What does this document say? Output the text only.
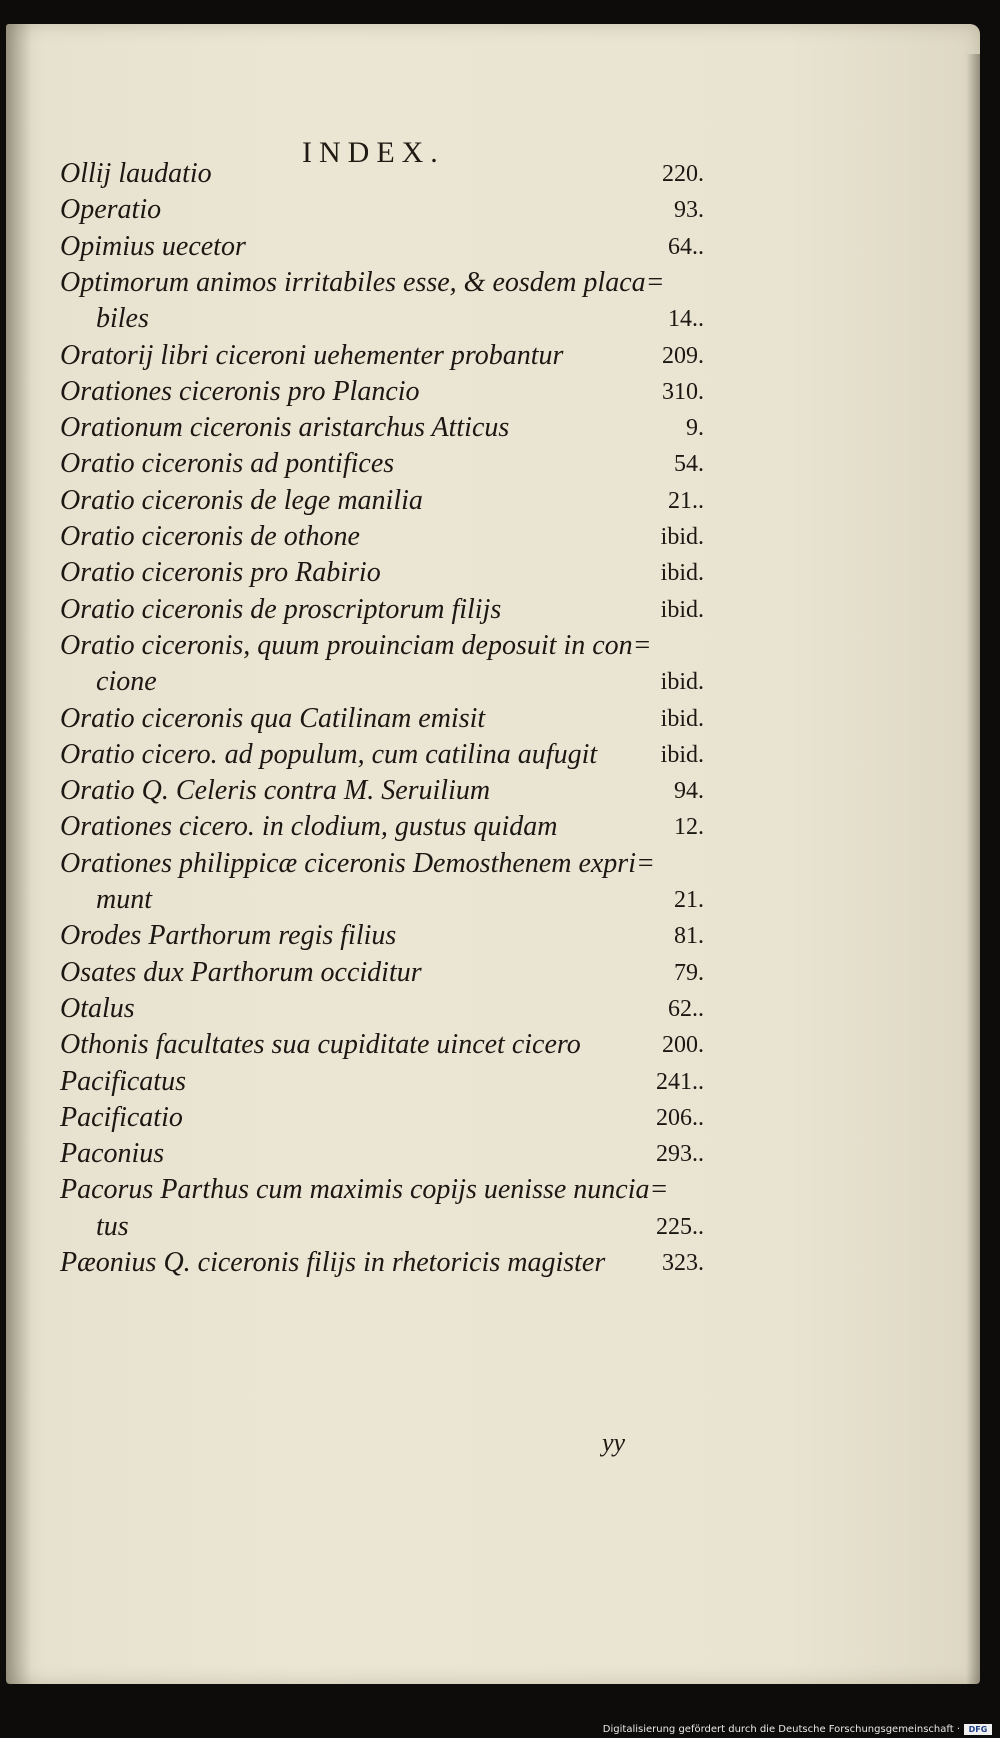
INDEX.
Ollij laudatio	220.
Operatio	93.
Opimius uecetor	64..
Optimorum animos irritabiles esse, & eosdem placa=
biles	14..
Oratorij libri ciceroni uehementer probantur	209.
Orationes ciceronis pro Plancio	310.
Orationum ciceronis aristarchus Atticus	9.
Oratio ciceronis ad pontifices	54.
Oratio ciceronis de lege manilia	21..
Oratio ciceronis de othone	ibid.
Oratio ciceronis pro Rabirio	ibid.
Oratio ciceronis de proscriptorum filijs	ibid.
Oratio ciceronis, quum prouinciam deposuit in con=
cione	ibid.
Oratio ciceronis qua Catilinam emisit	ibid.
Oratio cicero. ad populum, cum catilina aufugit	ibid.
Oratio Q. Celeris contra M. Seruilium	94.
Orationes cicero. in clodium, gustus quidam	12.
Orationes philippicæ ciceronis Demosthenem expri=
munt	21.
Orodes Parthorum regis filius	81.
Osates dux Parthorum occiditur	79.
Otalus	62..
Othonis facultates sua cupiditate uincet cicero	200.
Pacificatus	241..
Pacificatio	206..
Paconius	293..
Pacorus Parthus cum maximis copijs uenisse nuncia=
tus	225..
Pæonius Q. ciceronis filijs in rhetoricis magister 323.

yy

Digitalisierung gefördert durch die Deutsche Forschungsgemeinschaft ·	DFG
